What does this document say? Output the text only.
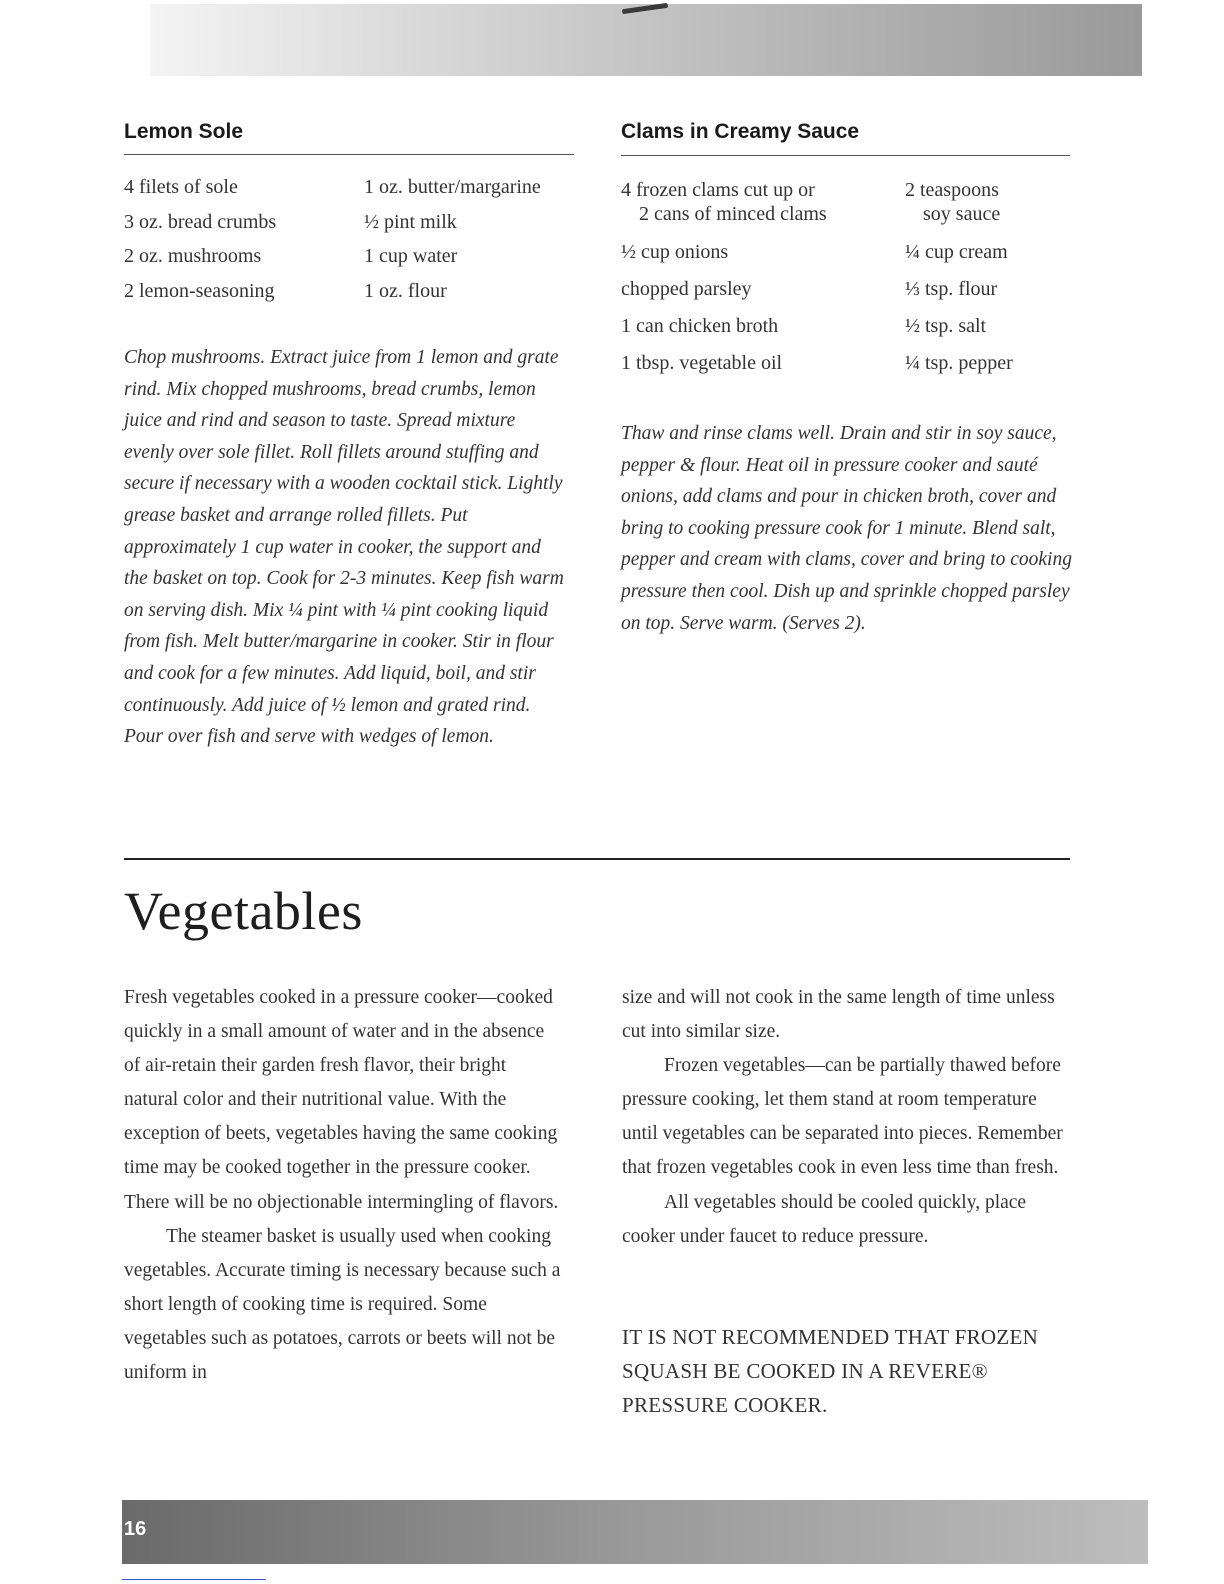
Lemon Sole
4 filets of sole
3 oz. bread crumbs
2 oz. mushrooms
2 lemon-seasoning
1 oz. butter/margarine
½ pint milk
1 cup water
1 oz. flour

Chop mushrooms. Extract juice from 1 lemon and grate rind. Mix chopped mushrooms, bread crumbs, lemon juice and rind and season to taste. Spread mixture evenly over sole fillet. Roll fillets around stuffing and secure if necessary with a wooden cocktail stick. Lightly grease basket and arrange rolled fillets. Put approximately 1 cup water in cooker, the support and the basket on top. Cook for 2-3 minutes. Keep fish warm on serving dish. Mix ¼ pint with ¼ pint cooking liquid from fish. Melt butter/margarine in cooker. Stir in flour and cook for a few minutes. Add liquid, boil, and stir continuously. Add juice of ½ lemon and grated rind. Pour over fish and serve with wedges of lemon.

Clams in Creamy Sauce
4 frozen clams cut up or
2 cans of minced clams
½ cup onions
chopped parsley
1 can chicken broth
1 tbsp. vegetable oil
2 teaspoons
soy sauce
¼ cup cream
⅓ tsp. flour
½ tsp. salt
¼ tsp. pepper

Thaw and rinse clams well. Drain and stir in soy sauce, pepper & flour. Heat oil in pressure cooker and sauté onions, add clams and pour in chicken broth, cover and bring to cooking pressure cook for 1 minute. Blend salt, pepper and cream with clams, cover and bring to cooking pressure then cool. Dish up and sprinkle chopped parsley on top. Serve warm. (Serves 2).

Vegetables

Fresh vegetables cooked in a pressure cooker—cooked quickly in a small amount of water and in the absence of air-retain their garden fresh flavor, their bright natural color and their nutritional value. With the exception of beets, vegetables having the same cooking time may be cooked together in the pressure cooker. There will be no objectionable intermingling of flavors.

The steamer basket is usually used when cooking vegetables. Accurate timing is necessary because such a short length of cooking time is required. Some vegetables such as potatoes, carrots or beets will not be uniform in

size and will not cook in the same length of time unless cut into similar size.

Frozen vegetables—can be partially thawed before pressure cooking, let them stand at room temperature until vegetables can be separated into pieces. Remember that frozen vegetables cook in even less time than fresh.

All vegetables should be cooled quickly, place cooker under faucet to reduce pressure.

IT IS NOT RECOMMENDED THAT FROZEN SQUASH BE COOKED IN A REVERE® PRESSURE COOKER.
16
